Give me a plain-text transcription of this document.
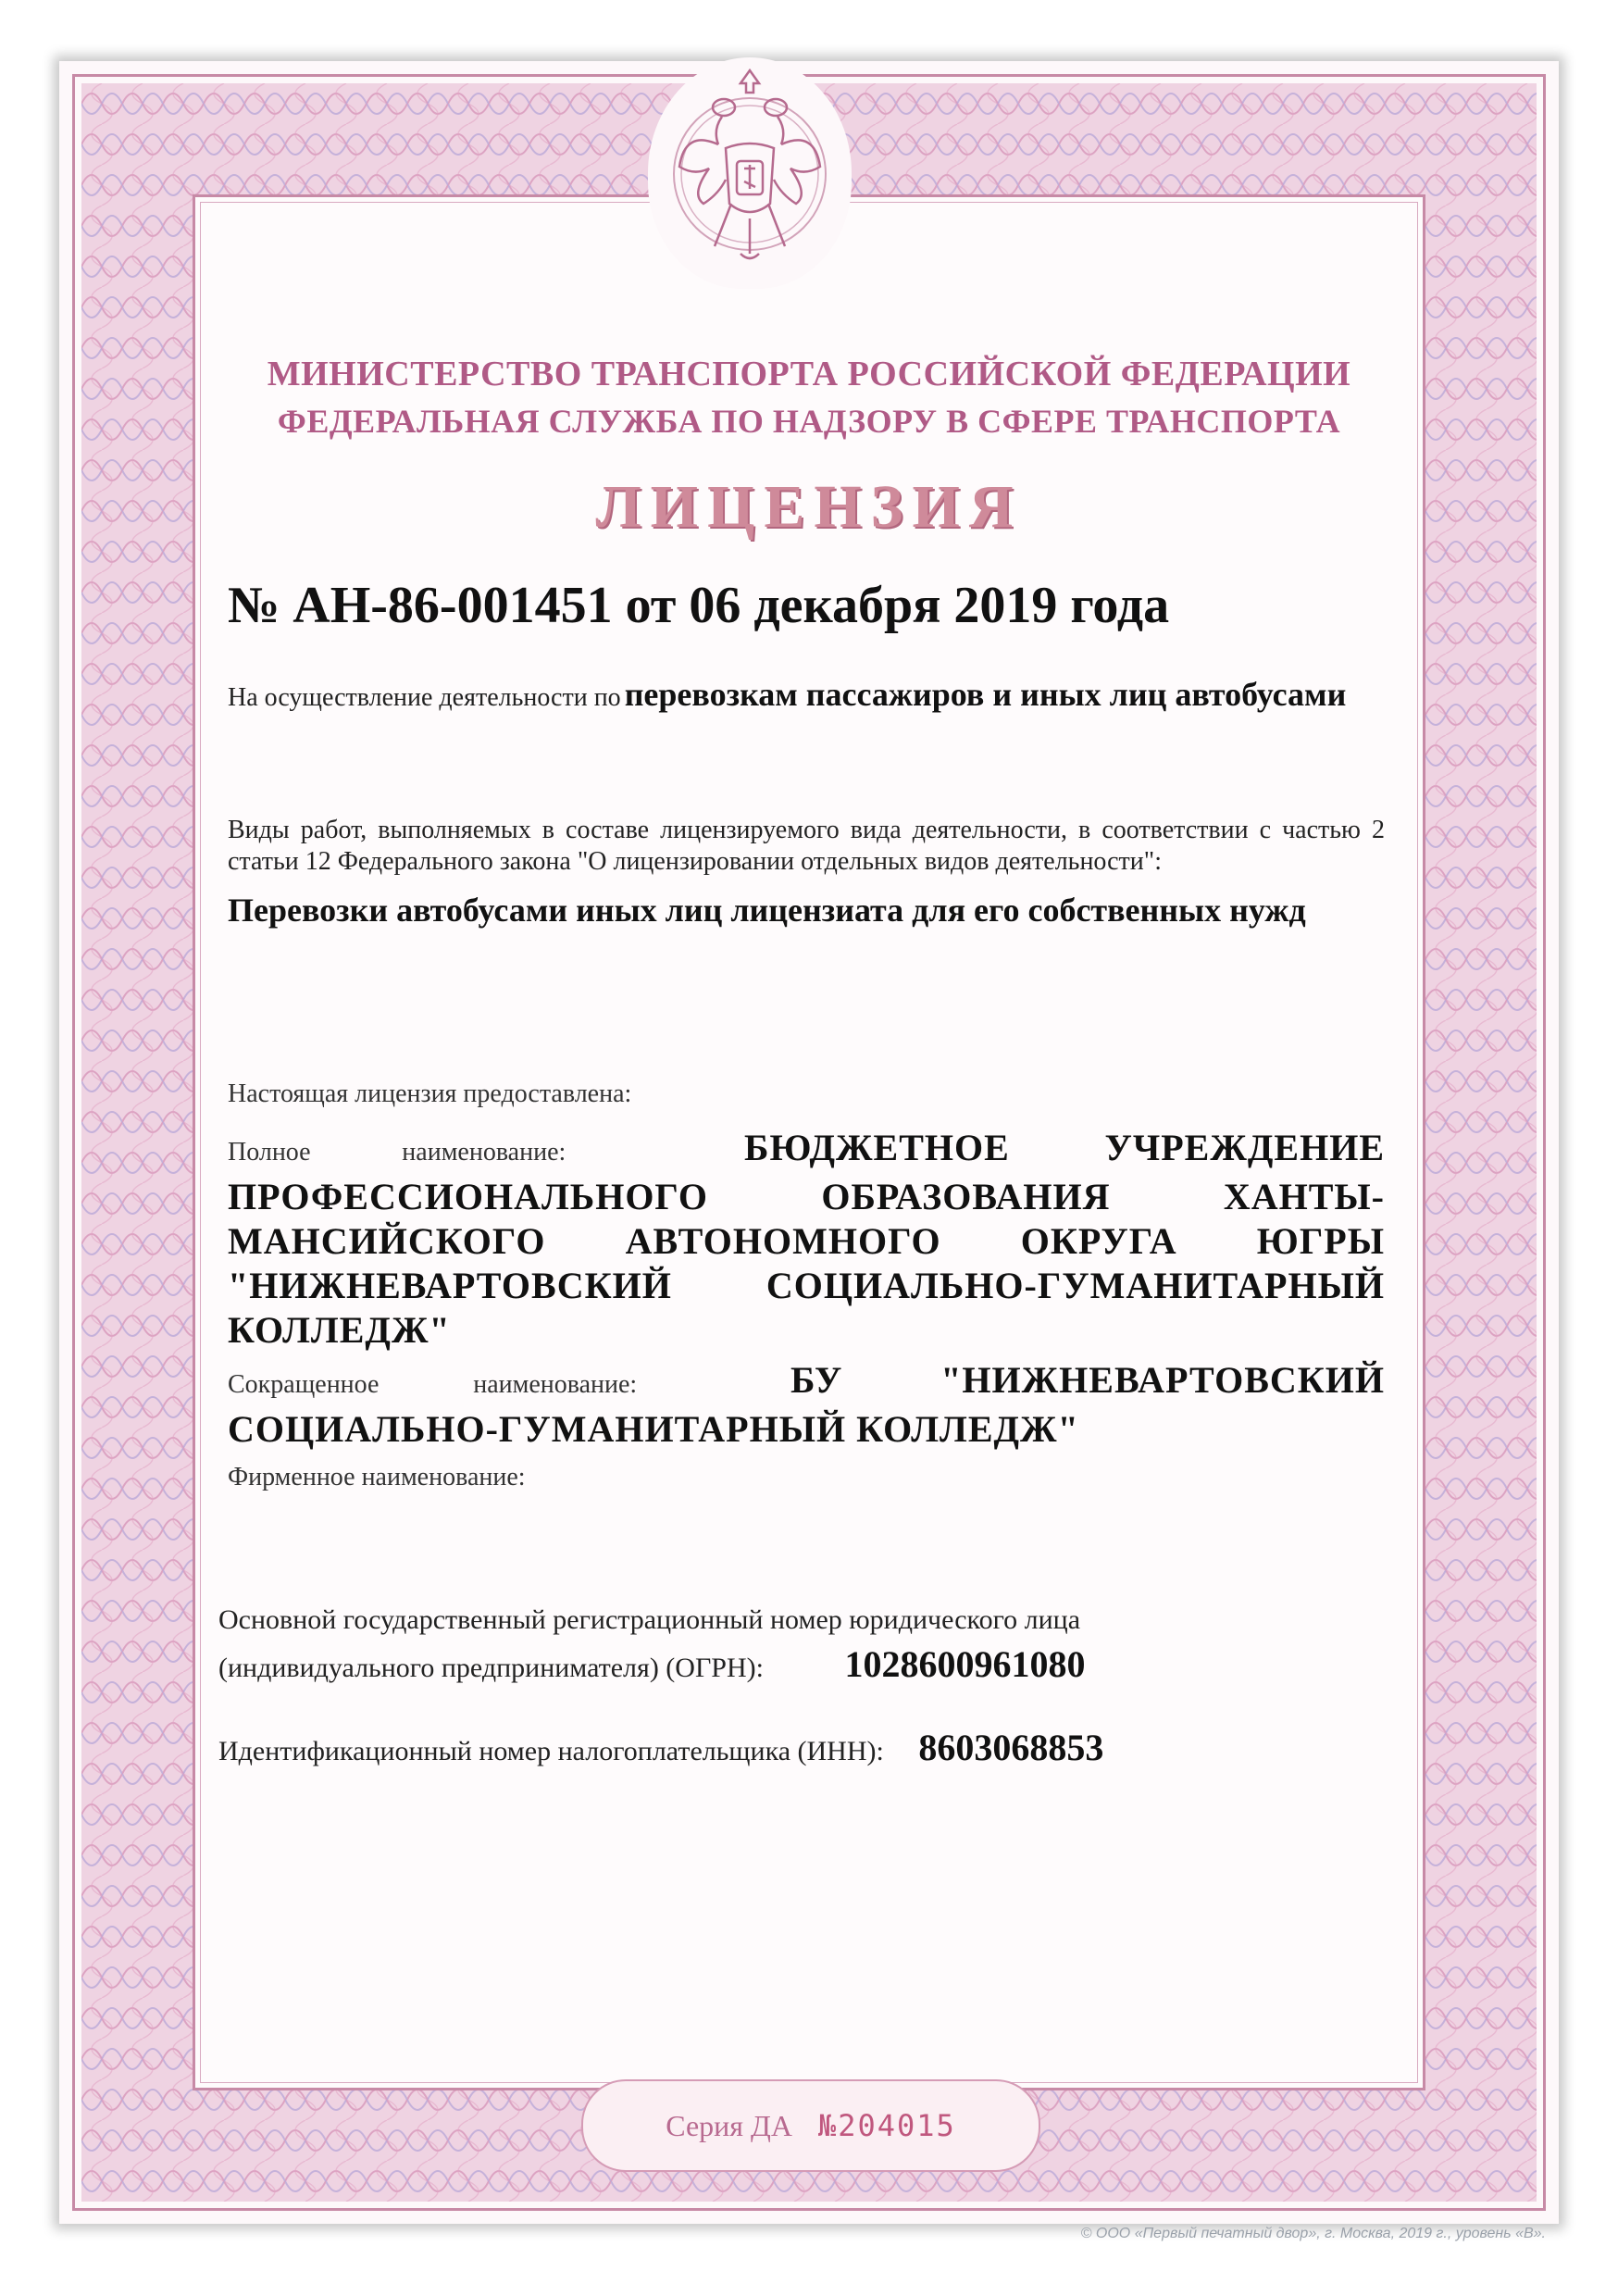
МИНИСТЕРСТВО ТРАНСПОРТА РОССИЙСКОЙ ФЕДЕРАЦИИ
ФЕДЕРАЛЬНАЯ СЛУЖБА ПО НАДЗОРУ В СФЕРЕ ТРАНСПОРТА
ЛИЦЕНЗИЯ
№ АН-86-001451 от 06 декабря 2019 года
На осуществление деятельности по перевозкам пассажиров и иных лиц автобусами
Виды работ, выполняемых в составе лицензируемого вида деятельности, в соответствии с частью 2 статьи 12 Федерального закона "О лицензировании отдельных видов деятельности":
Перевозки автобусами иных лиц лицензиата для его собственных нужд
Настоящая лицензия предоставлена:
Полное наименование:	БЮДЖЕТНОЕ УЧРЕЖДЕНИЕ ПРОФЕССИОНАЛЬНОГО ОБРАЗОВАНИЯ ХАНТЫ-МАНСИЙСКОГО АВТОНОМНОГО ОКРУГА ЮГРЫ "НИЖНЕВАРТОВСКИЙ СОЦИАЛЬНО-ГУМАНИТАРНЫЙ КОЛЛЕДЖ"
Сокращенное наименование:	БУ "НИЖНЕВАРТОВСКИЙ СОЦИАЛЬНО-ГУМАНИТАРНЫЙ КОЛЛЕДЖ"
Фирменное наименование:
Основной государственный регистрационный номер юридического лица
(индивидуального предпринимателя) (ОГРН): 1028600961080
Идентификационный номер налогоплательщика (ИНН): 8603068853
Серия ДА №204015
© ООО «Первый печатный двор», г. Москва, 2019 г., уровень «В».
